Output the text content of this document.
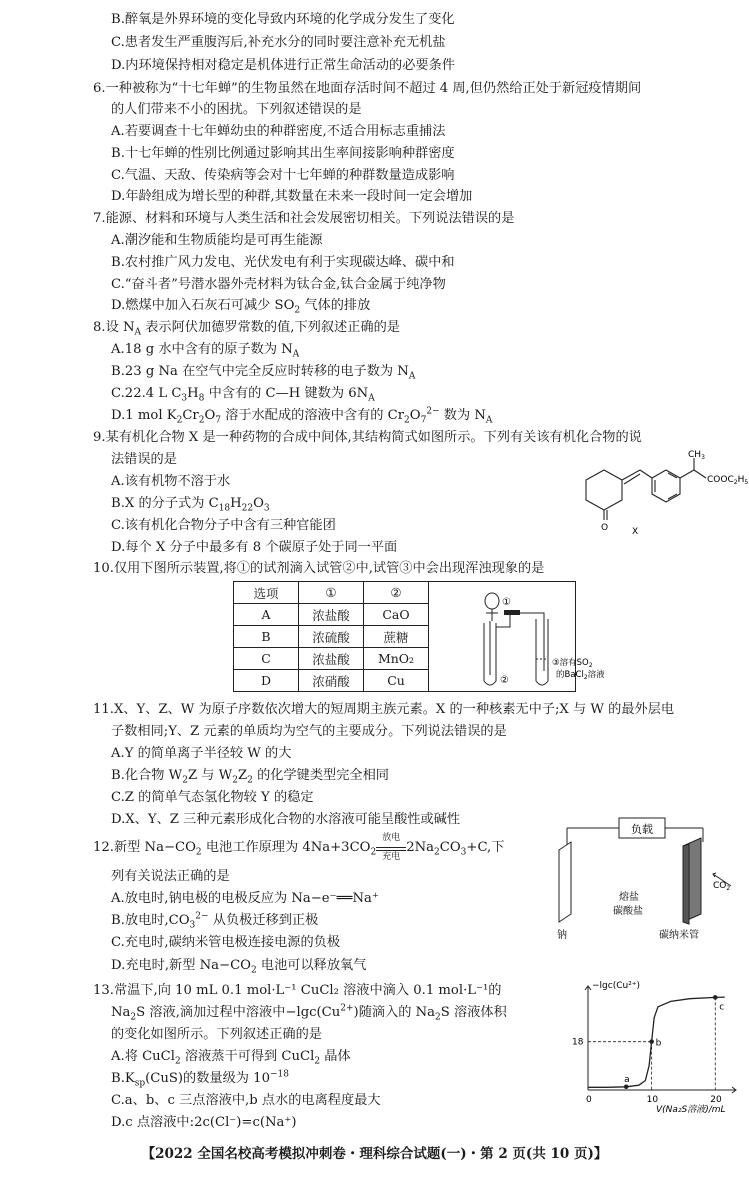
B.醉氧是外界环境的变化导致内环境的化学成分发生了变化
C.患者发生严重腹泻后,补充水分的同时要注意补充无机盐
D.内环境保持相对稳定是机体进行正常生命活动的必要条件
6.一种被称为“十七年蝉”的生物虽然在地面存活时间不超过 4 周,但仍然给正处于新冠疫情期间
的人们带来不小的困扰。下列叙述错误的是
A.若要调查十七年蝉幼虫的种群密度,不适合用标志重捕法
B.十七年蝉的性别比例通过影响其出生率间接影响种群密度
C.气温、天敌、传染病等会对十七年蝉的种群数量造成影响
D.年龄组成为增长型的种群,其数量在未来一段时间一定会增加
7.能源、材料和环境与人类生活和社会发展密切相关。下列说法错误的是
A.潮汐能和生物质能均是可再生能源
B.农村推广风力发电、光伏发电有利于实现碳达峰、碳中和
C.“奋斗者”号潜水器外壳材料为钛合金,钛合金属于纯净物
D.燃煤中加入石灰石可减少 $SO_2$ 气体的排放
8.设 $N_A$ 表示阿伏加德罗常数的值,下列叙述正确的是
A.18 g 水中含有的原子数为 $N_A$
B.23 g Na 在空气中完全反应时转移的电子数为 $N_A$
C.22.4 L $C_3H_8$ 中含有的 C—H 键数为 $6N_A$
D.1 mol $K_2Cr_2O_7$ 溶于水配成的溶液中含有的 $Cr_2O_7^{2-}$ 数为 $N_A$
9.某有机化合物 X 是一种药物的合成中间体,其结构简式如图所示。下列有关该有机化合物的说
法错误的是
A.该有机物不溶于水
B.X 的分子式为 $C_{18}H_{22}O_3$
C.该有机化合物分子中含有三种官能团
D.每个 X 分子中最多有 8 个碳原子处于同一平面
$CH_3$
$COOC_2H_5$
O	X
10.仅用下图所示装置,将①的试剂滴入试管②中,试管③中会出现浑浊现象的是
选项	①	②	
A	浓盐酸	CaO	
B	浓硫酸	蔗糖	
C	浓盐酸	MnO₂	
D	浓硝酸	Cu	
①
②
③溶有$SO_2$
的BaCl$_2$溶液
11.X、Y、Z、W 为原子序数依次增大的短周期主族元素。X 的一种核素无中子;X 与 W 的最外层电
子数相同;Y、Z 元素的单质均为空气的主要成分。下列说法错误的是
A.Y 的简单离子半径较 W 的大
B.化合物 $W_2Z$ 与 $W_2Z_2$ 的化学键类型完全相同
C.Z 的简单气态氢化物较 Y 的稳定
D.X、Y、Z 三种元素形成化合物的水溶液可能呈酸性或碱性
12.新型 $Na-CO_2$ 电池工作原理为 $4Na+3CO_2$
放电
充电
$2Na_2CO_3+C$,下
列有关说法正确的是
A.放电时,钠电极的电极反应为 Na−e⁻══Na⁺
B.放电时$,CO_3^{2-}$ 从负极迁移到正极
C.充电时,碳纳米管电极连接电源的负极
D.充电时,新型 $Na-CO_2$ 电池可以释放氧气
负载
$CO_2$
熔盐
碳酸盐
钠	碳纳米管
13.常温下,向 10 mL 0.1 mol·L⁻¹ CuCl₂ 溶液中滴入 0.1 mol·L⁻¹的
$Na_2S$ 溶液,滴加过程中溶液中$-\lg c(Cu^{2+})$随滴入的 $Na_2S$ 溶液体积
的变化如图所示。下列叙述正确的是
A.将 CuCl$_2$ 溶液蒸干可得到 CuCl$_2$ 晶体
$B.K_{sp}(CuS)$的数量级为 $10^{-18}$
C.a、b、c 三点溶液中,b 点水的电离程度最大
D.c 点溶液中:2c(Cl⁻)=c(Na⁺)
0	10	20
18
a
b
c
−lgc(Cu²⁺)
V(Na₂S溶液)/mL
【2022 全国名校高考模拟冲刺卷・理科综合试题(一)・第 2 页(共 10 页)】
